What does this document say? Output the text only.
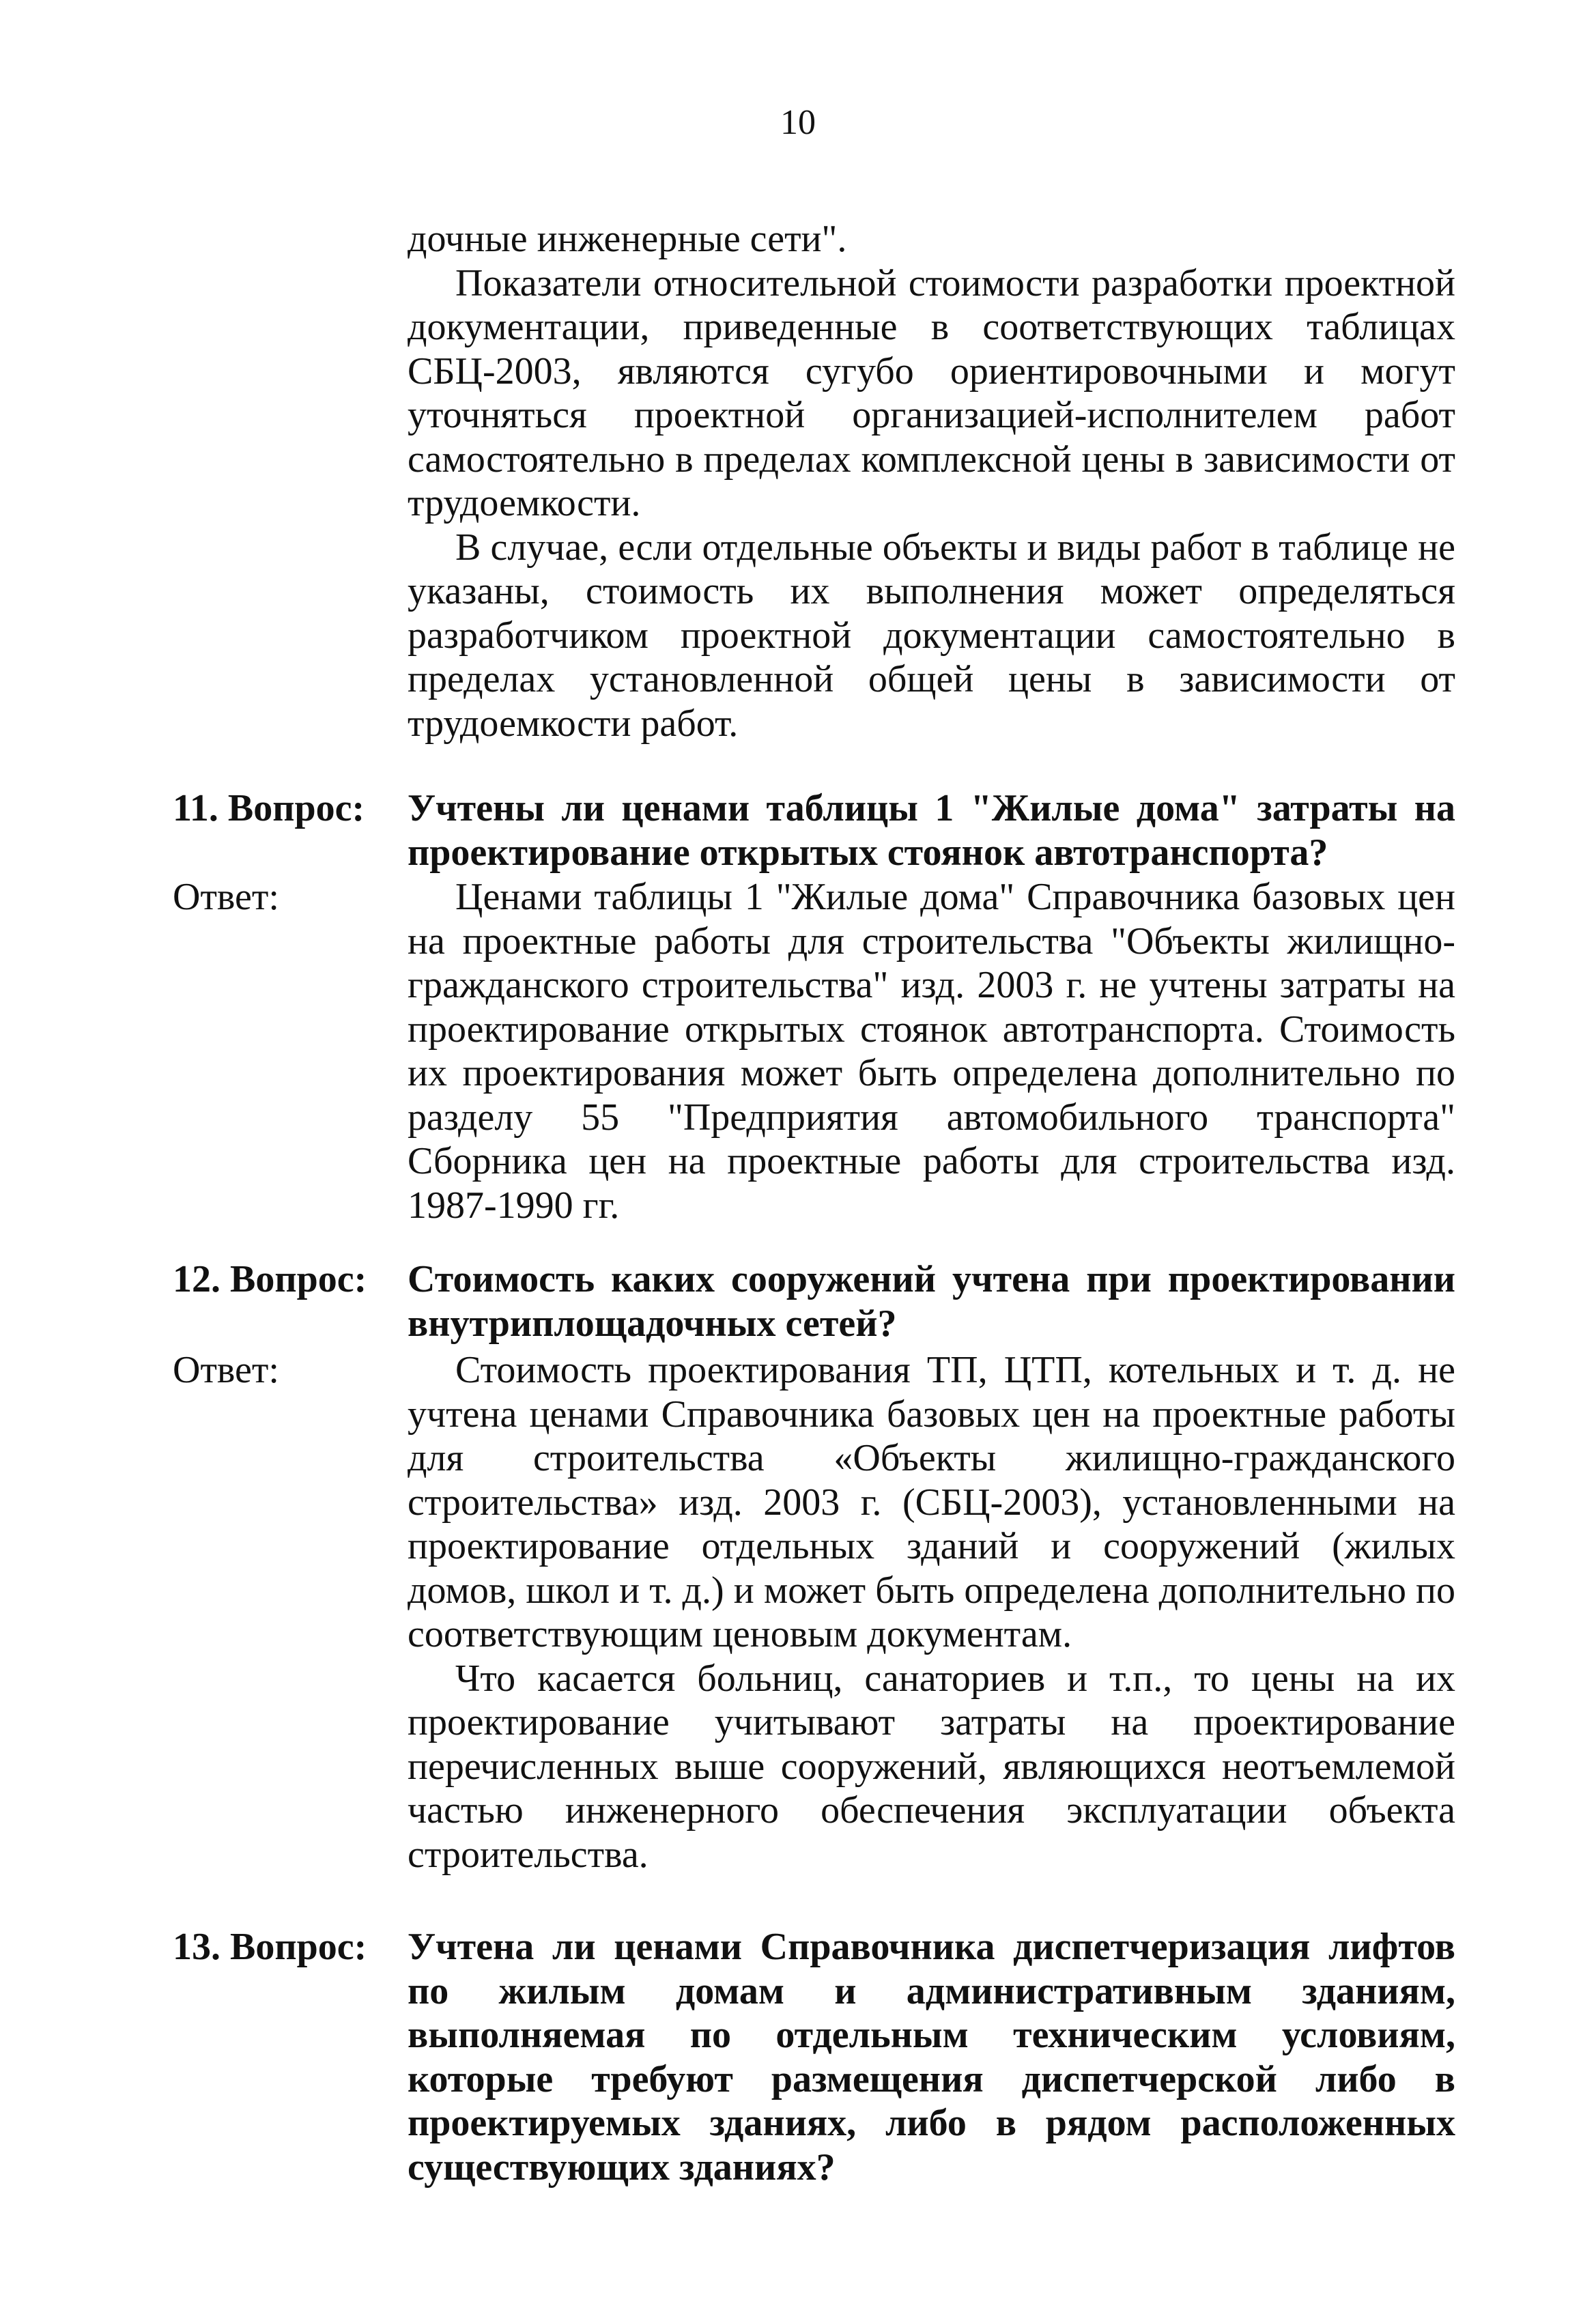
10

дочные инженерные сети".

Показатели относительной стоимости разработки проектной документации, приведенные в соответствующих таблицах СБЦ-2003, являются сугубо ориентировочными и могут уточняться проектной организацией-исполнителем работ самостоятельно в пределах комплексной цены в зависимости от трудоемкости.

В случае, если отдельные объекты и виды работ в таблице не указаны, стоимость их выполнения может определяться разработчиком проектной документации самостоятельно в пределах установленной общей цены в зависимости от трудоемкости работ.

11. Вопрос: Учтены ли ценами таблицы 1 "Жилые дома" затраты на проектирование открытых стоянок автотранспорта?
Ответ:	Ценами таблицы 1 "Жилые дома" Справочника базовых цен на проектные работы для строительства "Объекты жилищно-гражданского строительства" изд. 2003 г. не учтены затраты на проектирование открытых стоянок автотранспорта. Стоимость их проектирования может быть определена дополнительно по разделу 55 "Предприятия автомобильного транспорта" Сборника цен на проектные работы для строительства изд. 1987-1990 гг.

12. Вопрос: Стоимость каких сооружений учтена при проектировании внутриплощадочных сетей?
Ответ:	Стоимость проектирования ТП, ЦТП, котельных и т. д. не учтена ценами Справочника базовых цен на проектные работы для строительства «Объекты жилищно-гражданского строительства» изд. 2003 г. (СБЦ-2003), установленными на проектирование отдельных зданий и сооружений (жилых домов, школ и т. д.) и может быть определена дополнительно по соответствующим ценовым документам.

Что касается больниц, санаториев и т.п., то цены на их проектирование учитывают затраты на проектирование перечисленных выше сооружений, являющихся неотъемлемой частью инженерного обеспечения эксплуатации объекта строительства.

13. Вопрос: Учтена ли ценами Справочника диспетчеризация лифтов по жилым домам и административным зданиям, выполняемая по отдельным техническим условиям, которые требуют размещения диспетчерской либо в проектируемых зданиях, либо в рядом расположенных существующих зданиях?
